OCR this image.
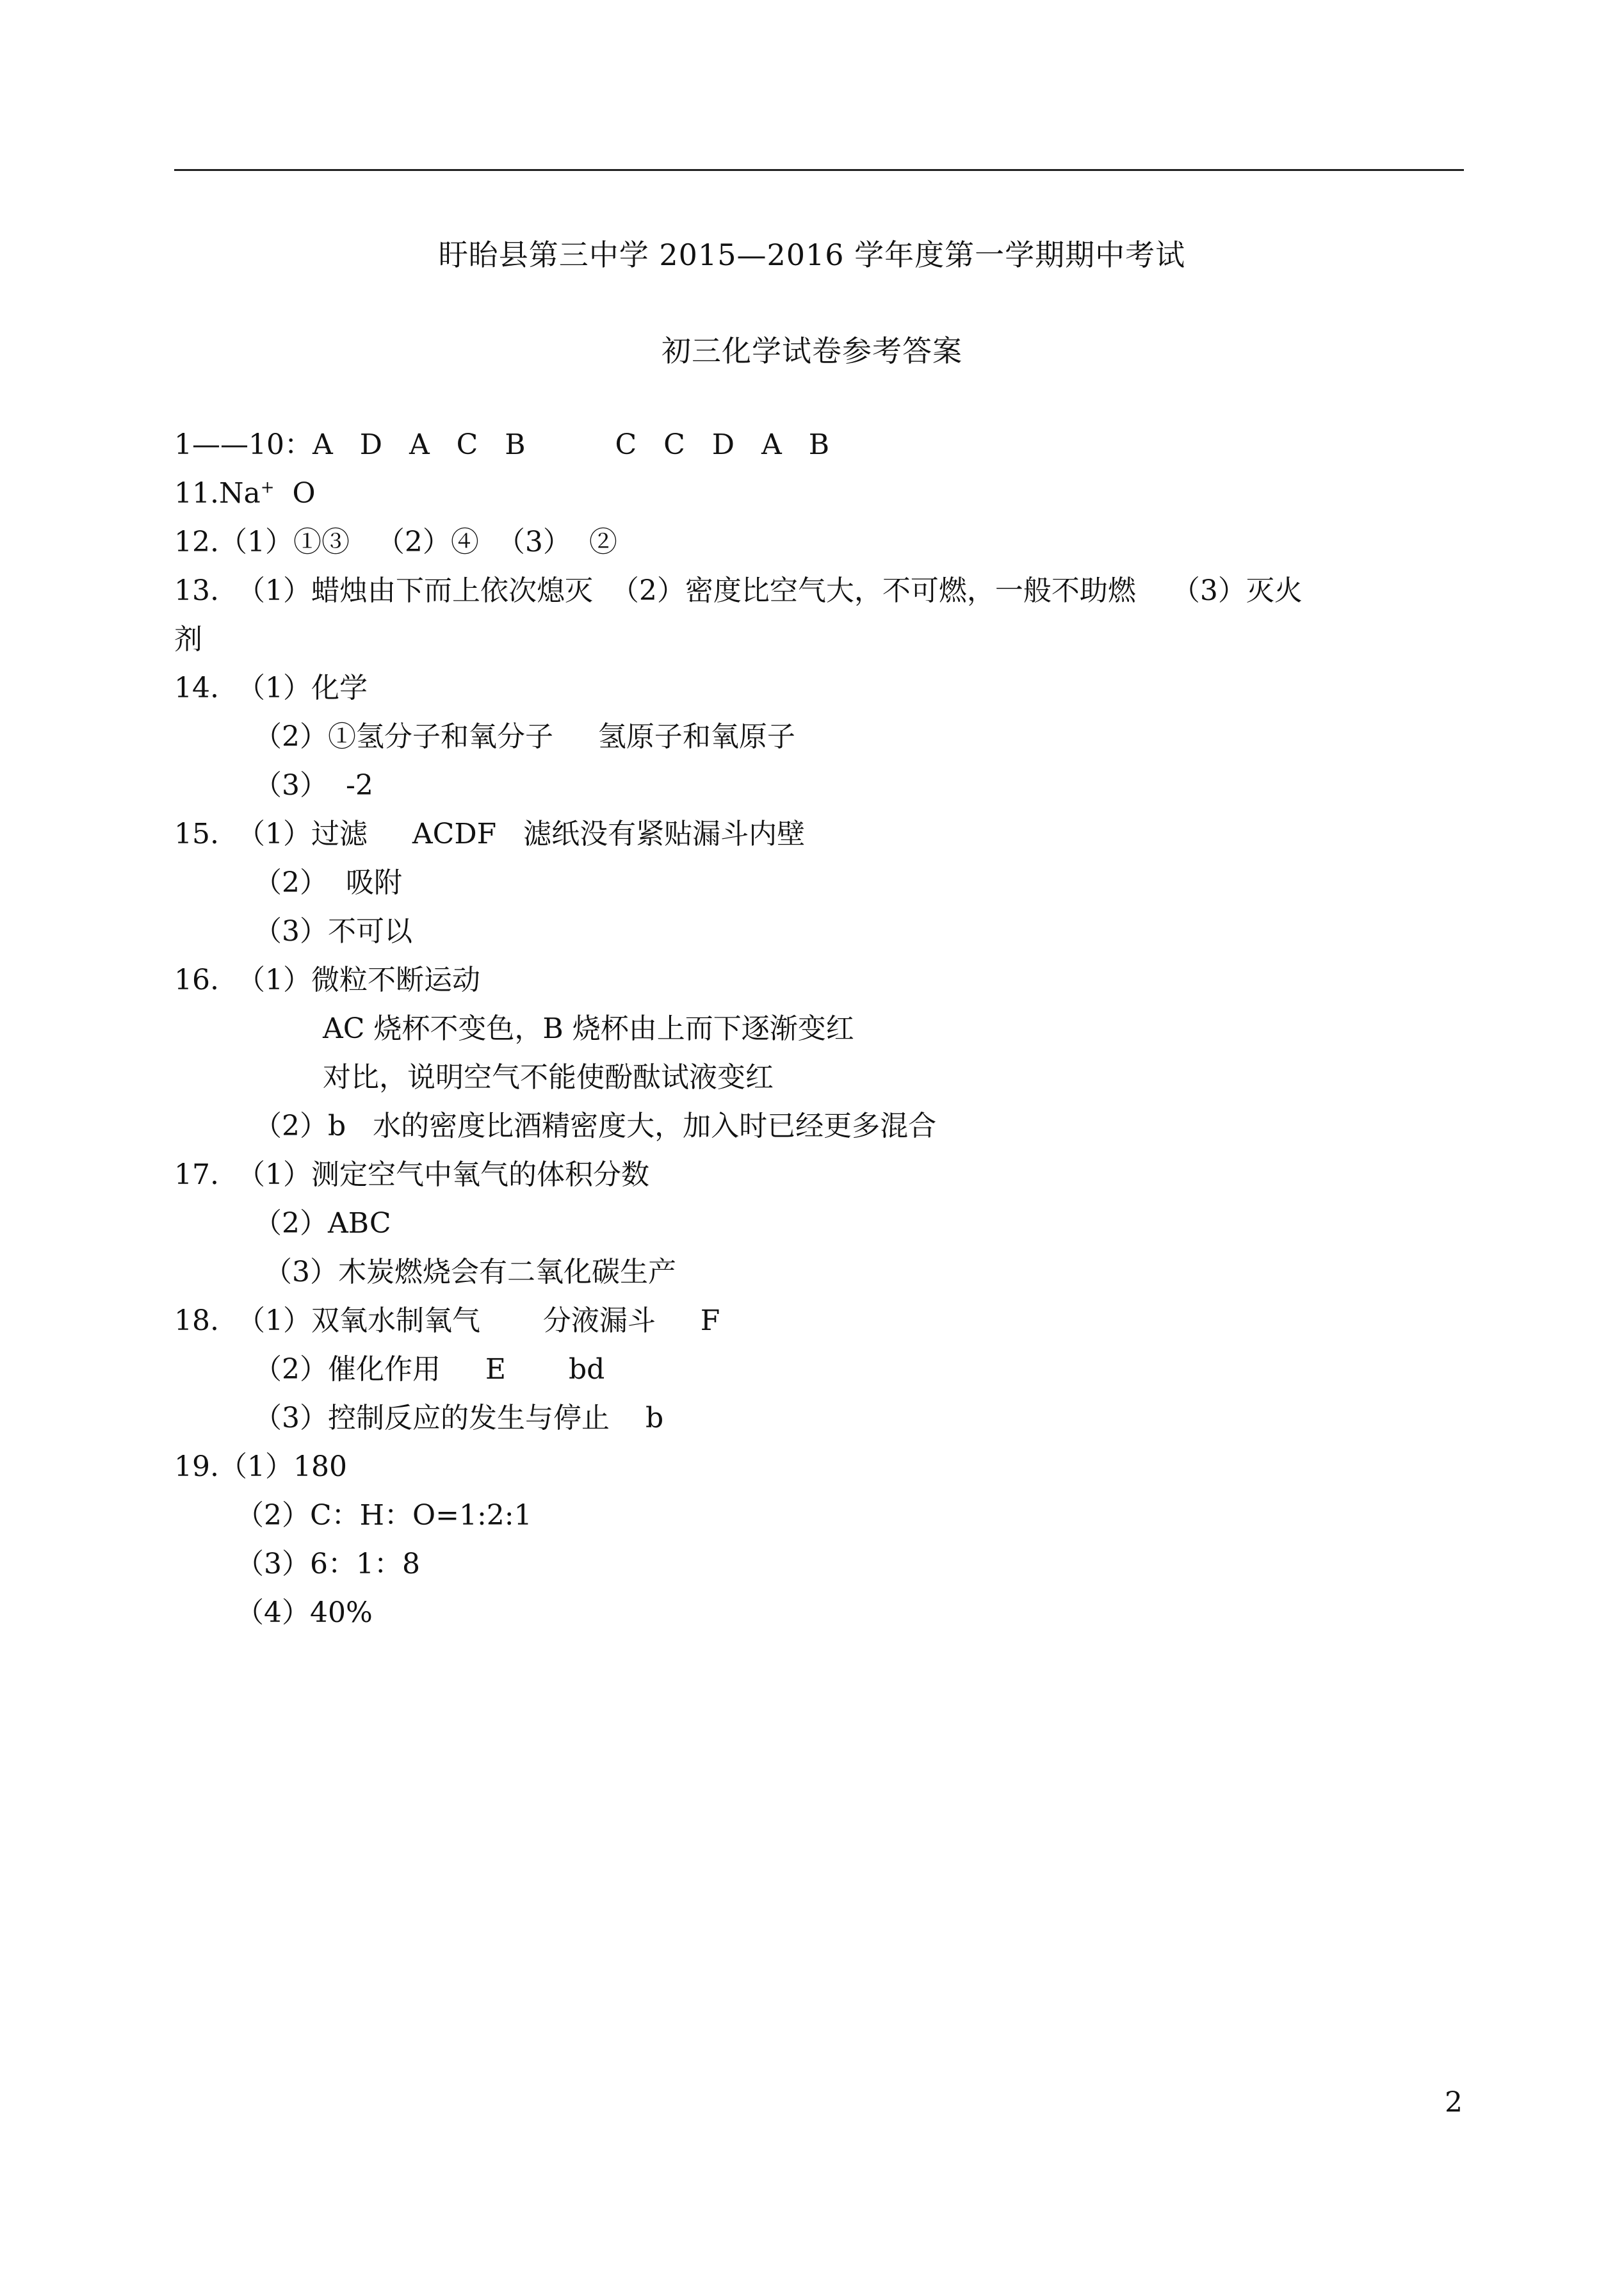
盱眙县第三中学 2015—2016 学年度第一学期期中考试
初三化学试卷参考答案
1——10：A   D   A   C   B          C   C   D   A   B
11.Na+  O
12.（1）①③   （2）④  （3）  ②
13.  （1）蜡烛由下而上依次熄灭  （2）密度比空气大，不可燃，一般不助燃    （3）灭火
剂
14.  （1）化学
（2）①氢分子和氧分子     氢原子和氧原子
（3）  -2
15.  （1）过滤     ACDF   滤纸没有紧贴漏斗内壁
（2）  吸附
（3）不可以
16.  （1）微粒不断运动
AC 烧杯不变色，B 烧杯由上而下逐渐变红
对比，说明空气不能使酚酞试液变红
（2）b   水的密度比酒精密度大，加入时已经更多混合
17.  （1）测定空气中氧气的体积分数
（2）ABC
（3）木炭燃烧会有二氧化碳生产
18.  （1）双氧水制氧气       分液漏斗     F
（2）催化作用     E       bd
（3）控制反应的发生与停止    b
19.（1）180
（2）C：H：O=1:2:1
（3）6：1：8
（4）40%
2
